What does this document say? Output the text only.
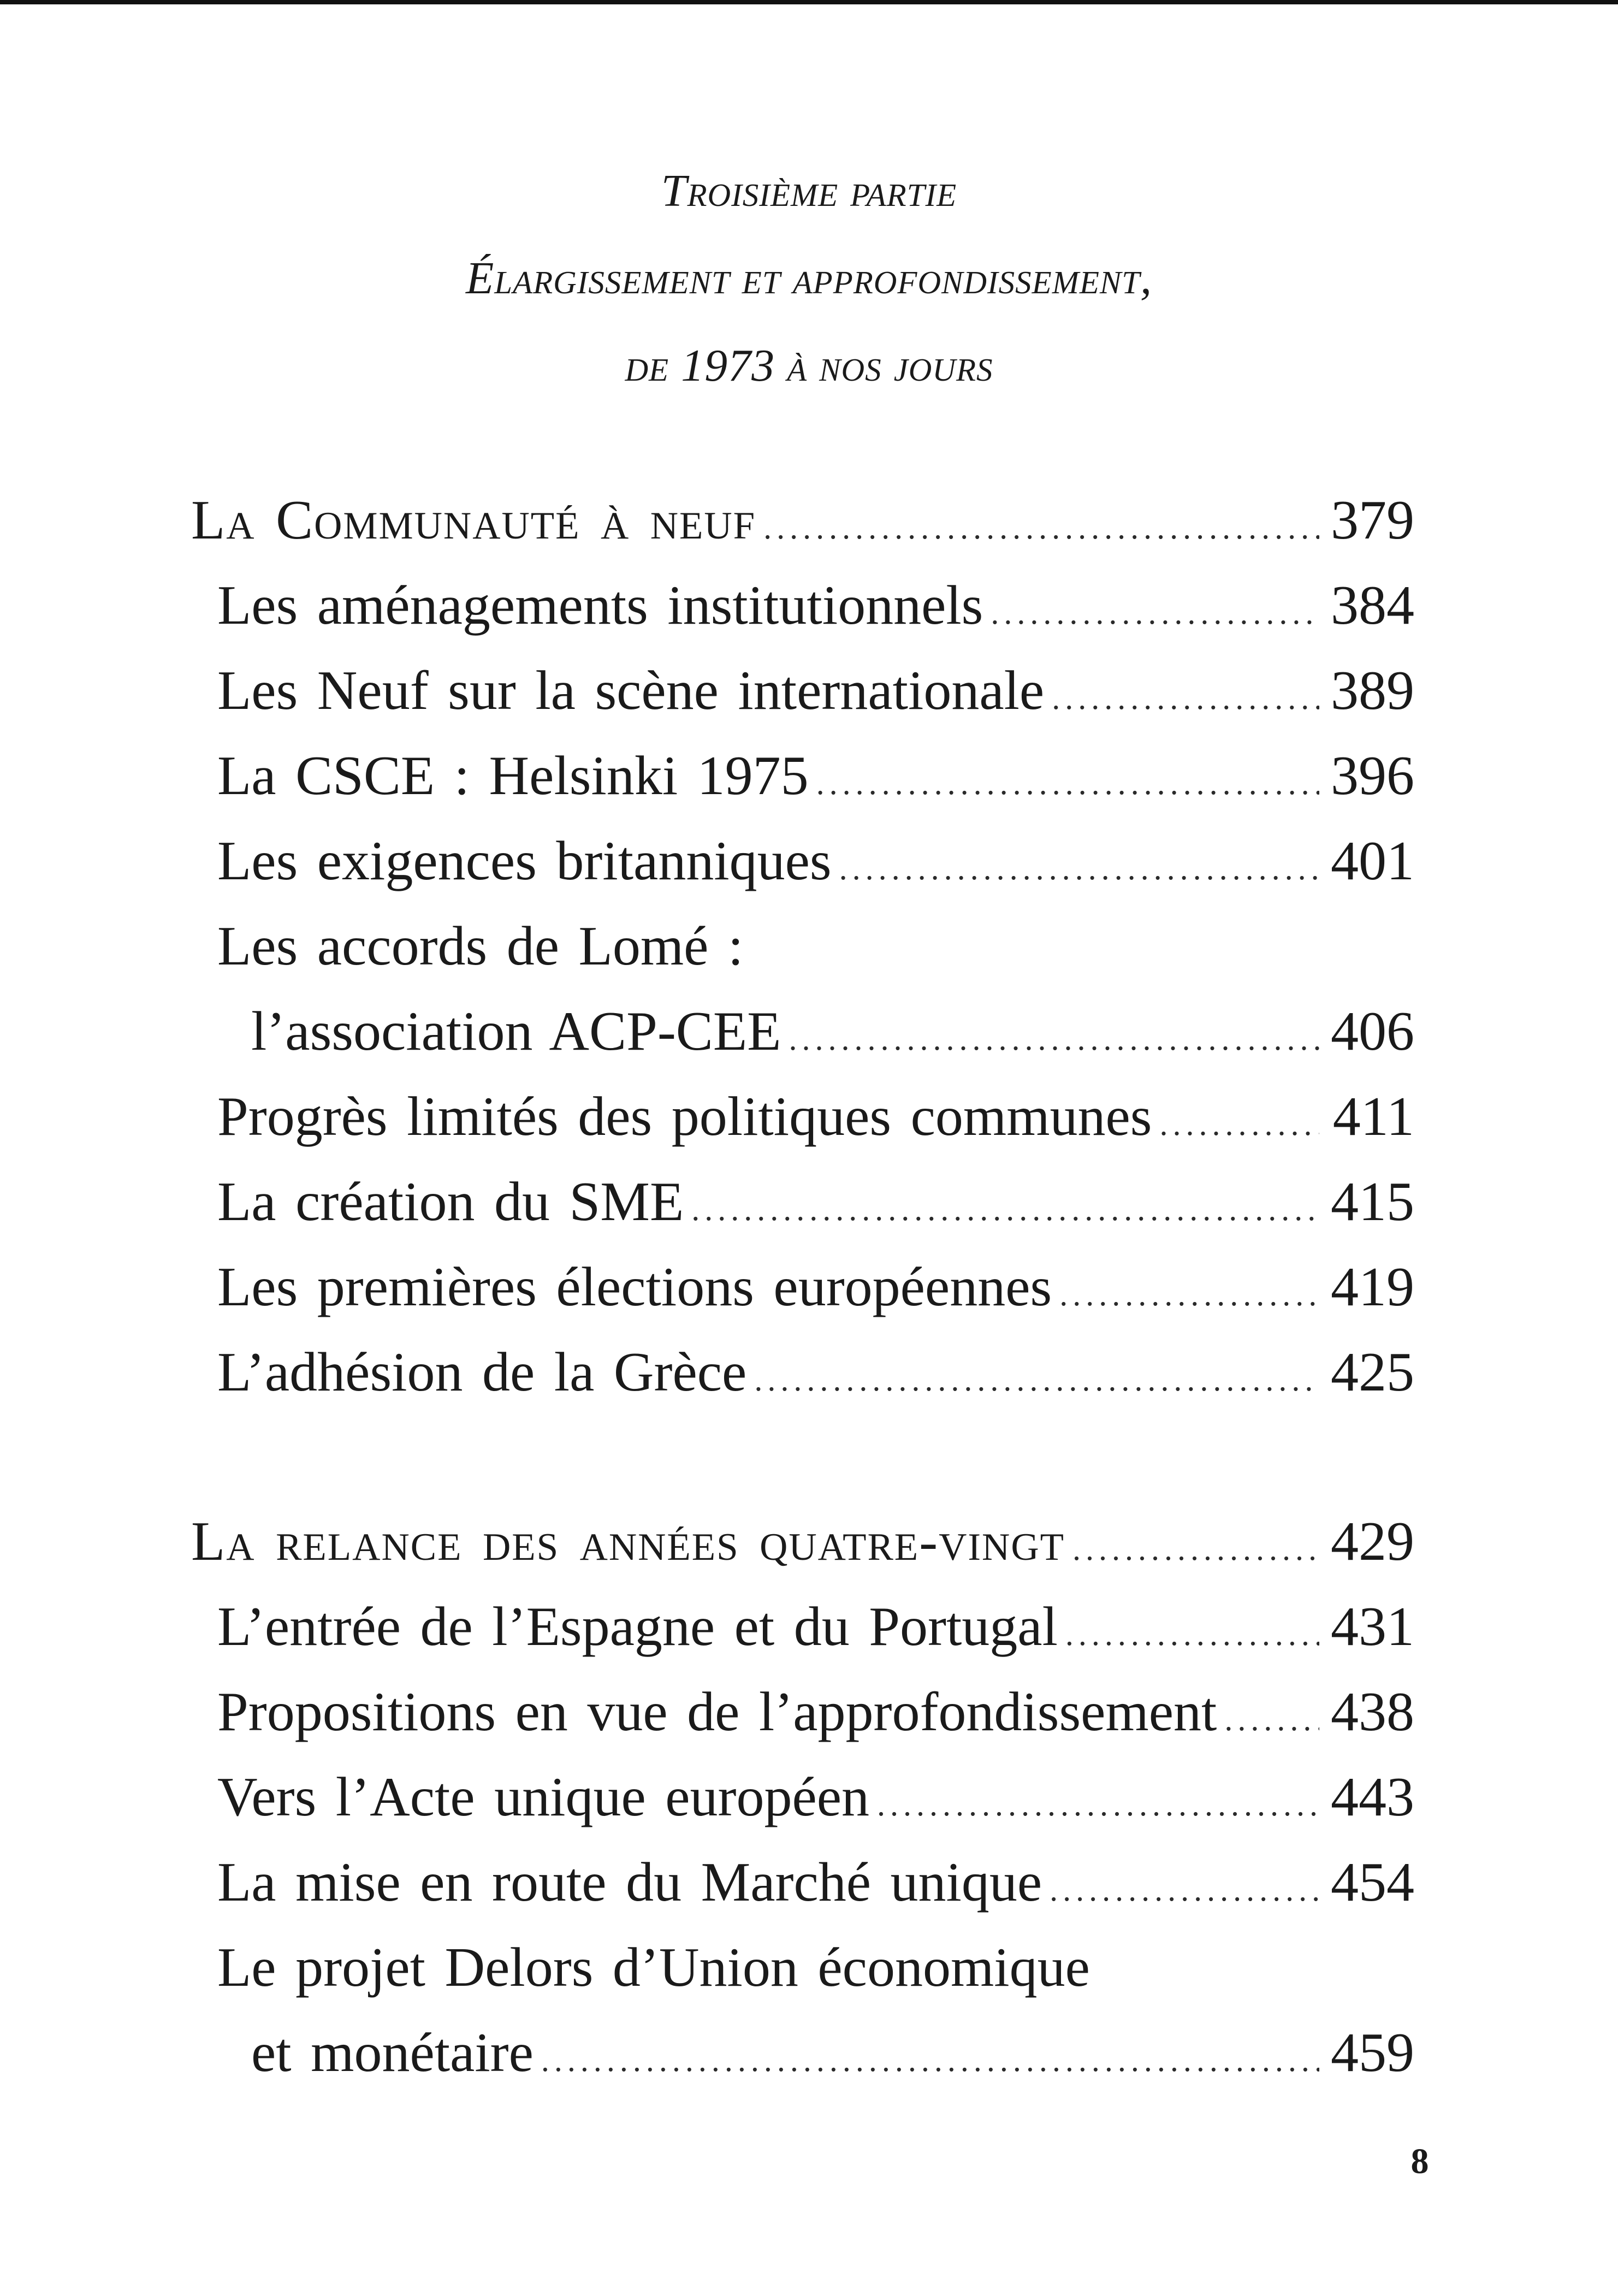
Troisième partie
Élargissement et approfondissement,
de 1973 à nos jours
La Communauté à neuf .....	379
Les aménagements institutionnels .....	384
Les Neuf sur la scène internationale .....	389
La CSCE : Helsinki 1975 .....	396
Les exigences britanniques .....	401
Les accords de Lomé :
l’association ACP-CEE .....	406
Progrès limités des politiques communes .....	411
La création du SME .....	415
Les premières élections européennes .....	419
L’adhésion de la Grèce .....	425
La relance des années quatre-vingt .....	429
L’entrée de l’Espagne et du Portugal .....	431
Propositions en vue de l’approfondissement ..... 438
Vers l’Acte unique européen .....	443
La mise en route du Marché unique .....	454
Le projet Delors d’Union économique
et monétaire .....	459
8
